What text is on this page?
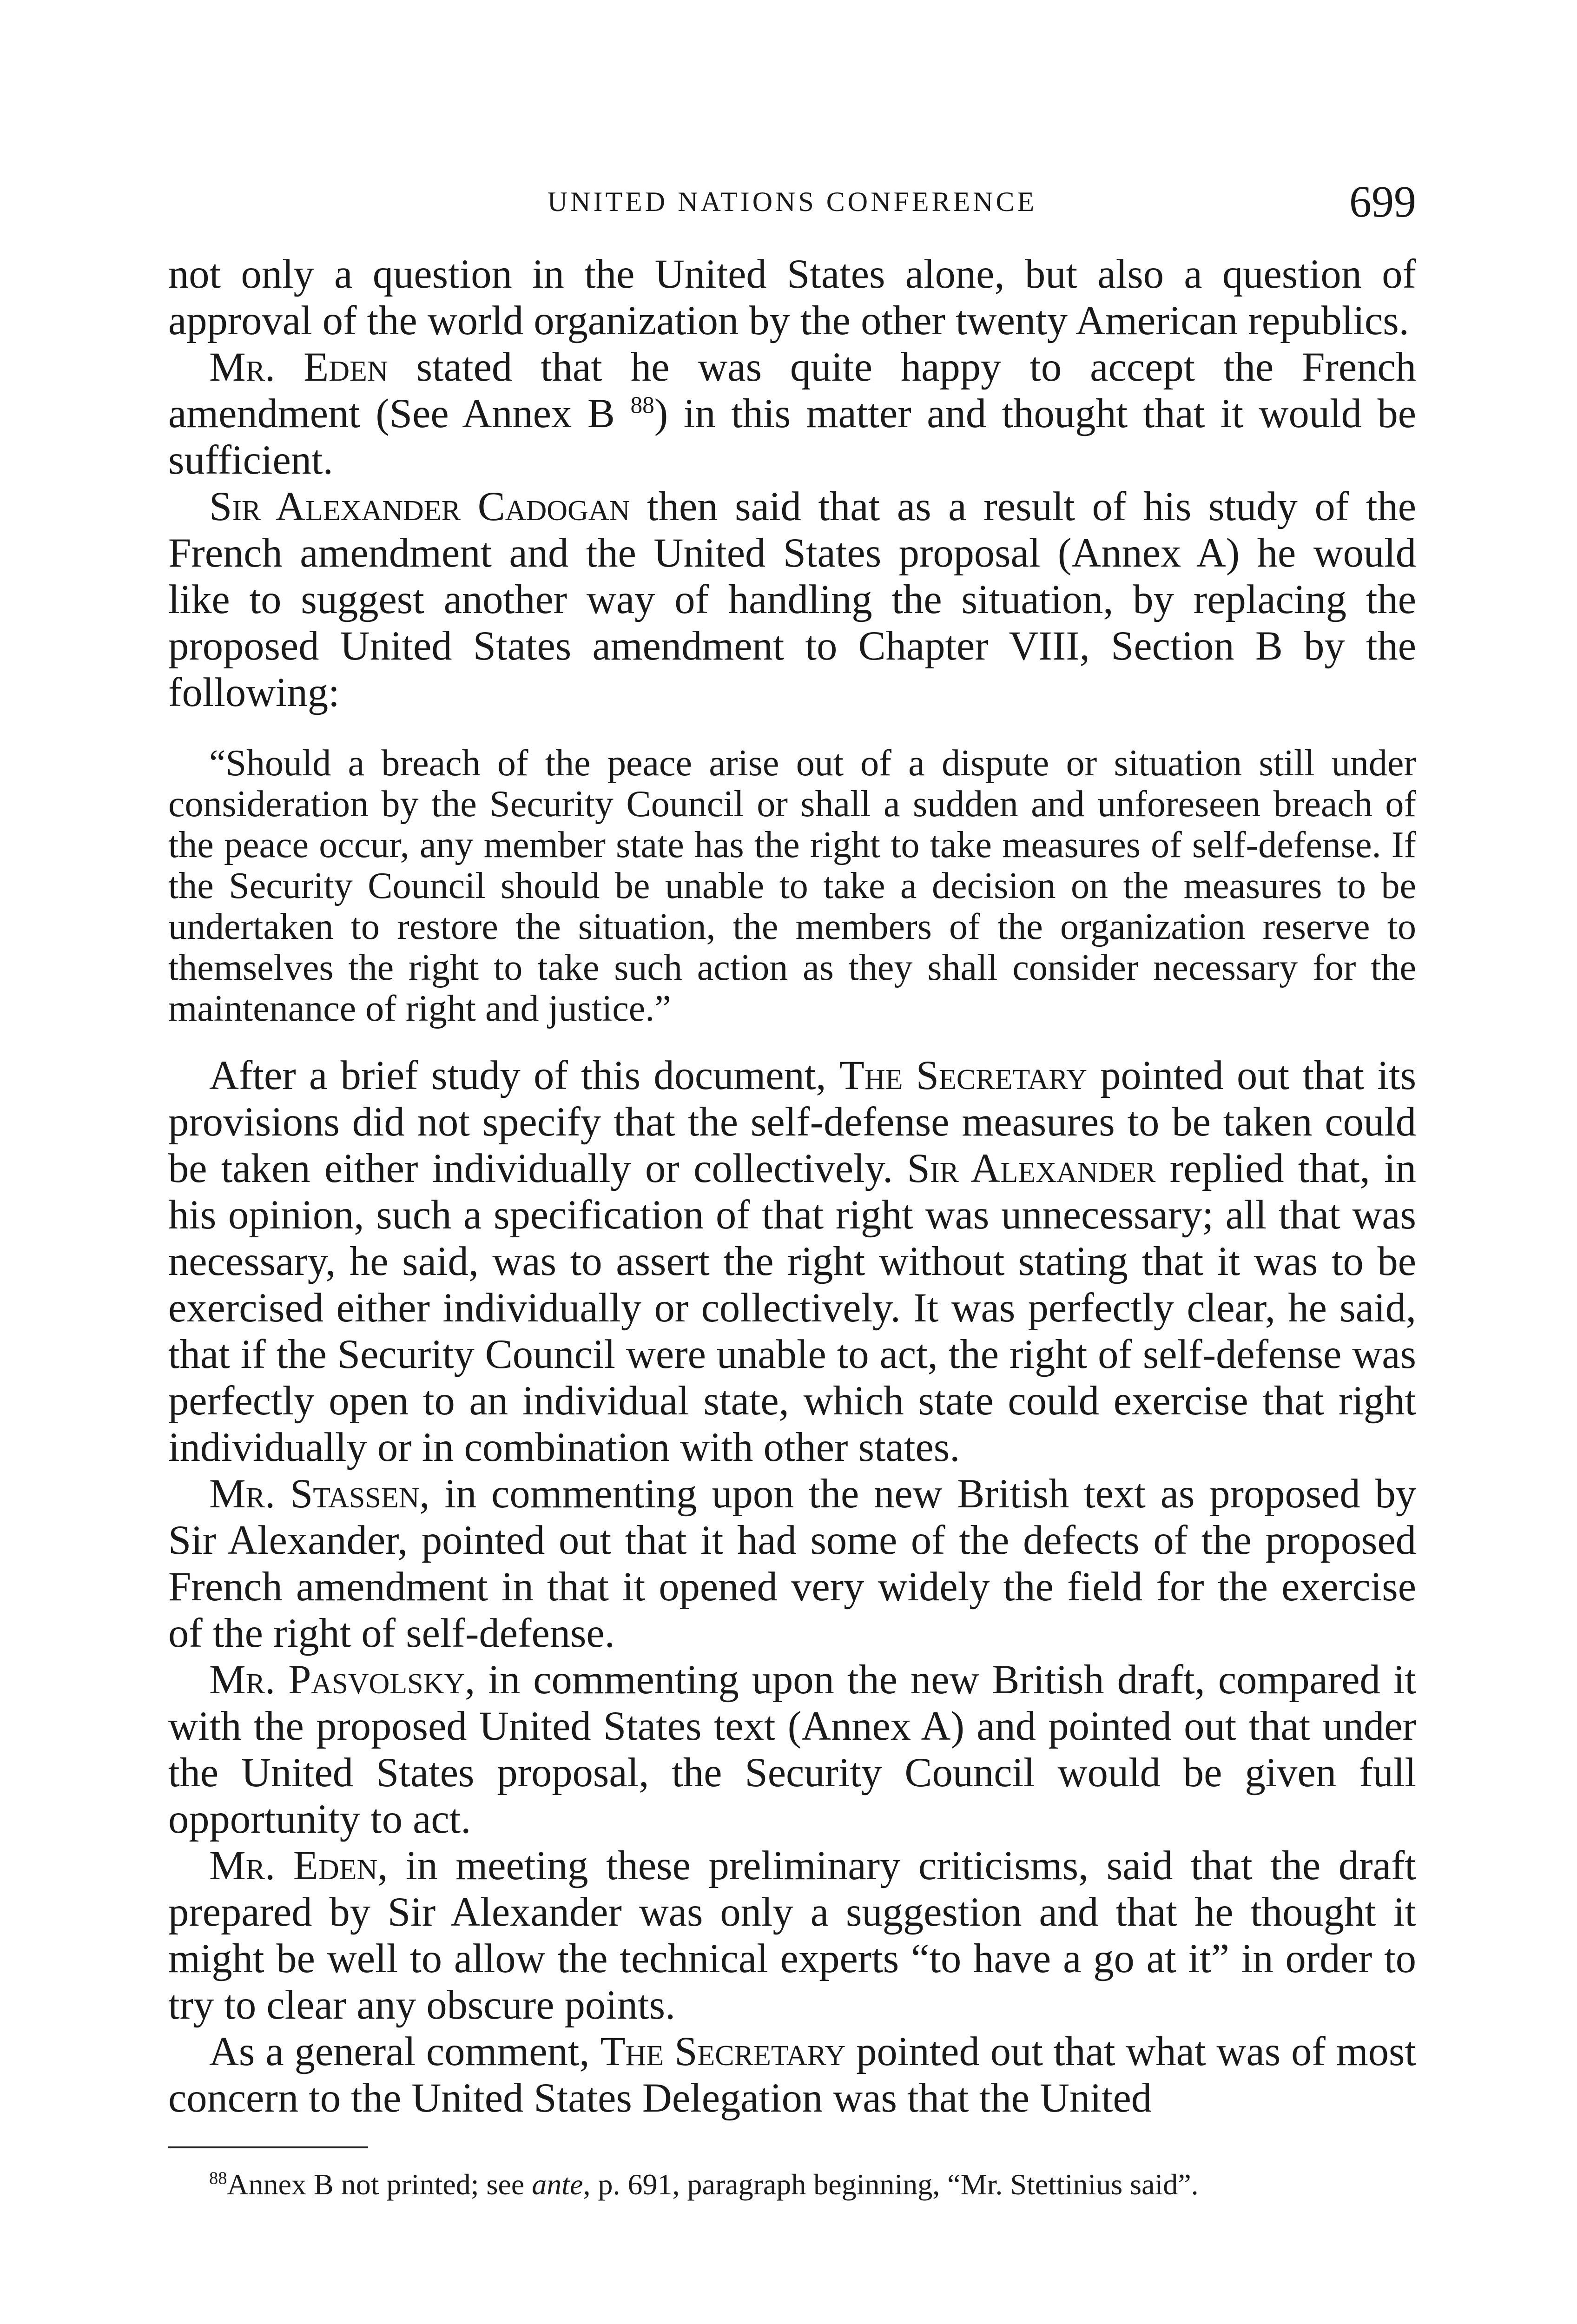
UNITED NATIONS CONFERENCE	699

not only a question in the United States alone, but also a question of approval of the world organization by the other twenty American republics.

Mr. Eden stated that he was quite happy to accept the French amendment (See Annex B $^{88}$) in this matter and thought that it would be sufficient.

Sir Alexander Cadogan then said that as a result of his study of the French amendment and the United States proposal (Annex A) he would like to suggest another way of handling the situation, by replacing the proposed United States amendment to Chapter VIII, Section B by the following:

“Should a breach of the peace arise out of a dispute or situation still under consideration by the Security Council or shall a sudden and unforeseen breach of the peace occur, any member state has the right to take measures of self-defense. If the Security Council should be unable to take a decision on the measures to be undertaken to restore the situation, the members of the organization reserve to themselves the right to take such action as they shall consider necessary for the maintenance of right and justice.”

After a brief study of this document, The Secretary pointed out that its provisions did not specify that the self-defense measures to be taken could be taken either individually or collectively. Sir Alexander replied that, in his opinion, such a specification of that right was unnecessary; all that was necessary, he said, was to assert the right without stating that it was to be exercised either individually or collectively. It was perfectly clear, he said, that if the Security Council were unable to act, the right of self-defense was perfectly open to an individual state, which state could exercise that right individually or in combination with other states.

Mr. Stassen, in commenting upon the new British text as proposed by Sir Alexander, pointed out that it had some of the defects of the proposed French amendment in that it opened very widely the field for the exercise of the right of self-defense.

Mr. Pasvolsky, in commenting upon the new British draft, compared it with the proposed United States text (Annex A) and pointed out that under the United States proposal, the Security Council would be given full opportunity to act.

Mr. Eden, in meeting these preliminary criticisms, said that the draft prepared by Sir Alexander was only a suggestion and that he thought it might be well to allow the technical experts “to have a go at it” in order to try to clear any obscure points.

As a general comment, The Secretary pointed out that what was of most concern to the United States Delegation was that the United

$^{88}$Annex B not printed; see ante, p. 691, paragraph beginning, “Mr. Stettinius said”.
